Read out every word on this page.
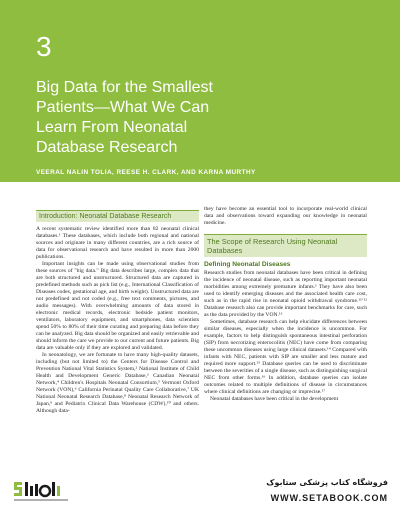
3
Big Data for the Smallest
Patients—What We Can
Learn From Neonatal
Database Research
VEERAL NALIN TOLIA, REESE H. CLARK, AND KARNA MURTHY
Introduction: Neonatal Database Research

A recent systematic review identified more than 82 neonatal clinical databases.¹ These databases, which include both regional and national sources and originate in many different countries, are a rich source of data for observational research and have resulted in more than 2000 publications.

Important insights can be made using observational studies from these sources of "big data." Big data describes large, complex data that are both structured and unstructured. Structured data are captured in predefined methods such as pick list (e.g., International Classification of Diseases codes, gestational age, and birth weight). Unstructured data are not predefined and not coded (e.g., free text comments, pictures, and audio messages). With overwhelming amounts of data stored in electronic medical records, electronic bedside patient monitors, ventilators, laboratory equipment, and smartphones, data scientists spend 50% to 80% of their time curating and preparing data before they can be analyzed. Big data should be organized and easily retrievable and should inform the care we provide to our current and future patients. Big data are valuable only if they are explored and validated.

In neonatology, we are fortunate to have many high-quality datasets, including (but not limited to) the Centers for Disease Control and Prevention National Vital Statistics System,² National Institute of Child Health and Development Generic Database,³ Canadian Neonatal Network,⁴ Children's Hospitals Neonatal Consortium,⁵ Vermont Oxford Network (VON),⁶ California Perinatal Quality Care Collaborative,⁷ UK National Neonatal Research Database,⁸ Neonatal Research Network of Japan,⁹ and Pediatrix Clinical Data Warehouse (CDW),¹⁰ and others. Although data-

they have become an essential tool to incorporate real-world clinical data and observations toward expanding our knowledge in neonatal medicine.

The Scope of Research Using Neonatal Databases
Defining Neonatal Diseases

Research studies from neonatal databases have been critical in defining the incidence of neonatal disease, such as reporting important neonatal morbidities among extremely premature infants.¹ They have also been used to identify emerging diseases and the associated health care cost, such as in the rapid rise in neonatal opioid withdrawal syndrome.¹¹ʼ¹² Database research also can provide important benchmarks for care, such as the data provided by the VON.¹³

Sometimes, database research can help elucidate differences between similar diseases, especially when the incidence is uncommon. For example, factors to help distinguish spontaneous intestinal perforation (SIP) from necrotizing enterocolitis (NEC) have come from comparing these uncommon diseases using large clinical datasets.¹⁴ Compared with infants with NEC, patients with SIP are smaller and less mature and required more support.¹⁵ Database queries can be used to discriminate between the severities of a single disease, such as distinguishing surgical NEC from other forms.¹⁶ In addition, database queries can isolate outcomes related to multiple definitions of disease in circumstances where clinical definitions are changing or imprecise.¹⁷

Neonatal databases have been critical in the development

فروشگاه کتاب پزشکی ستابوک
WWW.SETABOOK.COM
